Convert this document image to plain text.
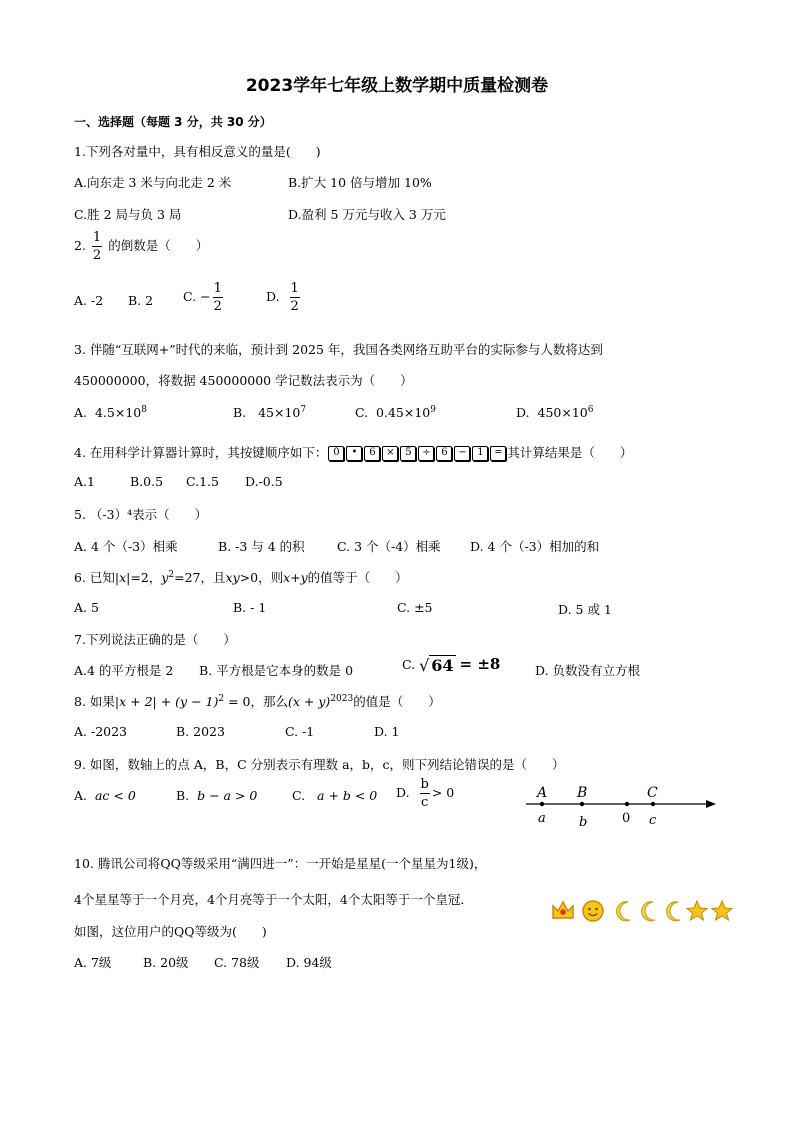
2023学年七年级上数学期中质量检测卷
一、选择题（每题 3 分，共 30 分）
1.下列各对量中，具有相反意义的量是(　　)
A.向东走 3 米与向北走 2 米	B.扩大 10 倍与增加 10%
C.胜 2 局与负 3 局	D.盈利 5 万元与收入 3 万元
2. $\frac{1}{2}$ 的倒数是（　　）
A. -2 B. 2 C. − $\frac{1}{2}$	D. $\frac{1}{2}$
3. 伴随“互联网+”时代的来临，预计到 2025 年，我国各类网络互助平台的实际参与人数将达到
450000000，将数据 450000000 学记数法表示为（　　）
A. $4.5\times 10^8$	B. $45\times 10^7$	C. $0.45\times 10^9$	D. $450\times 10^6$
4. 在用科学计算器计算时，其按键顺序如下： 0 • 6 × 5 ÷ 6 − 1 = 其计算结果是（　　）
A.1	B.0.5 C.1.5 D.-0.5
5. （-3）⁴表示（　　）
A. 4 个（-3）相乘	B. -3 与 4 的积	C. 3 个（-4）相乘 D. 4 个（-3）相加的和
6. 已知|x|=2，$y^2=27$，且xy>0，则x+y的值等于（　　）
A. 5	B. - 1	C. ±5	D. 5 或 1
7.下列说法正确的是（　　）
A.4 的平方根是 2 B. 平方根是它本身的数是 0	C. √ 64 = ±8	D. 负数没有立方根
8. 如果$|x + 2| + (y - 1)^2 = 0$，那么$(x + y)^{2023}$的值是（　　）
A. -2023	B. 2023	C. -1	D. 1
9. 如图，数轴上的点 A，B，C 分别表示有理数 a，b，c，则下列结论错误的是（　　）
A. ac < 0	B. b − a > 0	C. a + b < 0 D. $\frac{b}{c} > 0$	A B	C
a	b	0 c
10. 腾讯公司将QQ等级采用“满四进一”：一开始是星星(一个星星为1级)，
4个星星等于一个月亮，4个月亮等于一个太阳，4个太阳等于一个皇冠．
如图，这位用户的QQ等级为(　　)
A. 7级	B. 20级 C. 78级 D. 94级
